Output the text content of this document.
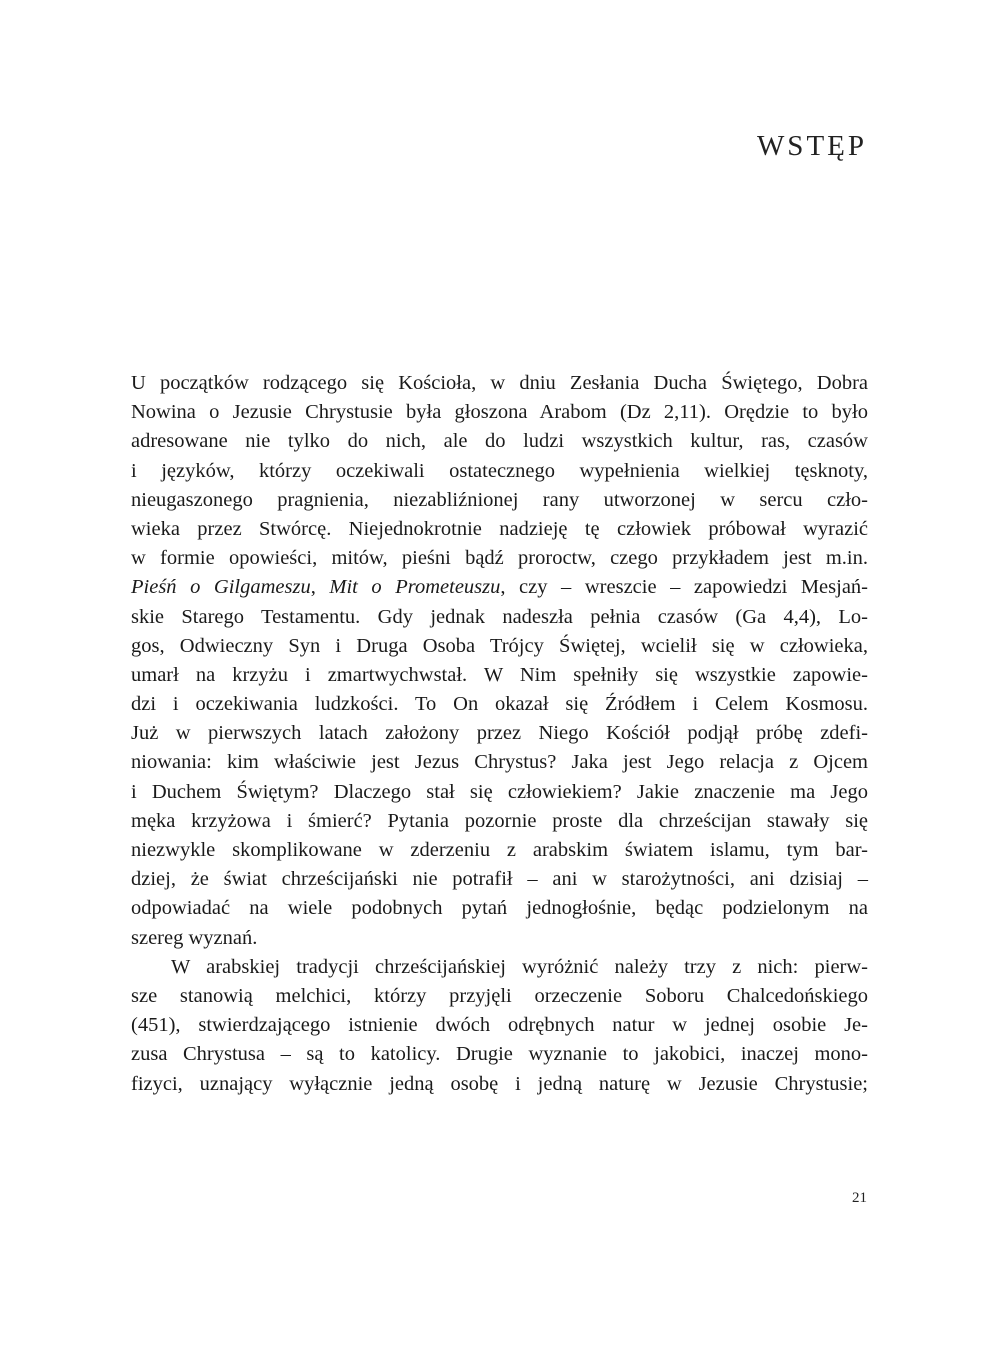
WSTĘP
U początków rodzącego się Kościoła, w dniu Zesłania Ducha Świętego, Dobra
Nowina o Jezusie Chrystusie była głoszona Arabom (Dz 2,11). Orędzie to było
adresowane nie tylko do nich, ale do ludzi wszystkich kultur, ras, czasów
i języków, którzy oczekiwali ostatecznego wypełnienia wielkiej tęsknoty,
nieugaszonego pragnienia, niezabliźnionej rany utworzonej w sercu czło-
wieka przez Stwórcę. Niejednokrotnie nadzieję tę człowiek próbował wyrazić
w formie opowieści, mitów, pieśni bądź proroctw, czego przykładem jest m.in.
Pieśń o Gilgameszu, Mit o Prometeuszu, czy – wreszcie – zapowiedzi Mesjań-
skie Starego Testamentu. Gdy jednak nadeszła pełnia czasów (Ga 4,4), Lo-
gos, Odwieczny Syn i Druga Osoba Trójcy Świętej, wcielił się w człowieka,
umarł na krzyżu i zmartwychwstał. W Nim spełniły się wszystkie zapowie-
dzi i oczekiwania ludzkości. To On okazał się Źródłem i Celem Kosmosu.
Już w pierwszych latach założony przez Niego Kościół podjął próbę zdefi-
niowania: kim właściwie jest Jezus Chrystus? Jaka jest Jego relacja z Ojcem
i Duchem Świętym? Dlaczego stał się człowiekiem? Jakie znaczenie ma Jego
męka krzyżowa i śmierć? Pytania pozornie proste dla chrześcijan stawały się
niezwykle skomplikowane w zderzeniu z arabskim światem islamu, tym bar-
dziej, że świat chrześcijański nie potrafił – ani w starożytności, ani dzisiaj –
odpowiadać na wiele podobnych pytań jednogłośnie, będąc podzielonym na
szereg wyznań.
W arabskiej tradycji chrześcijańskiej wyróżnić należy trzy z nich: pierw-
sze stanowią melchici, którzy przyjęli orzeczenie Soboru Chalcedońskiego
(451), stwierdzającego istnienie dwóch odrębnych natur w jednej osobie Je-
zusa Chrystusa – są to katolicy. Drugie wyznanie to jakobici, inaczej mono-
fizyci, uznający wyłącznie jedną osobę i jedną naturę w Jezusie Chrystusie;

21
